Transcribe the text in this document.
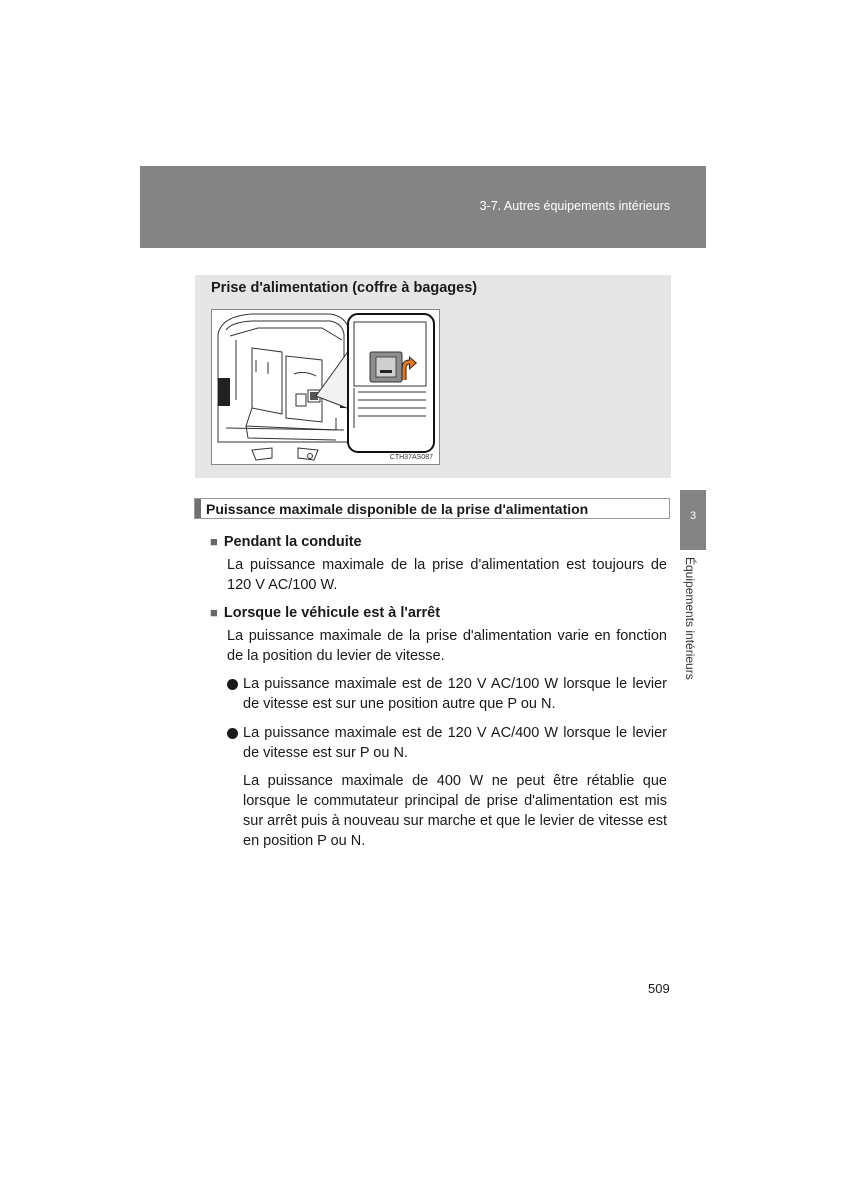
3-7. Autres équipements intérieurs
3
Équipements intérieurs
Prise d'alimentation (coffre à bagages)
CTH37AS087
Puissance maximale disponible de la prise d'alimentation
■ Pendant la conduite
La puissance maximale de la prise d'alimentation est toujours de 120 V AC/100 W.
■ Lorsque le véhicule est à l'arrêt
La puissance maximale de la prise d'alimentation varie en fonction de la position du levier de vitesse.
La puissance maximale est de 120 V AC/100 W lorsque le levier de vitesse est sur une position autre que P ou N.
La puissance maximale est de 120 V AC/400 W lorsque le levier de vitesse est sur P ou N.
La puissance maximale de 400 W ne peut être rétablie que lorsque le commutateur principal de prise d'alimentation est mis sur arrêt puis à nouveau sur marche et que le levier de vitesse est en position P ou N.
509
